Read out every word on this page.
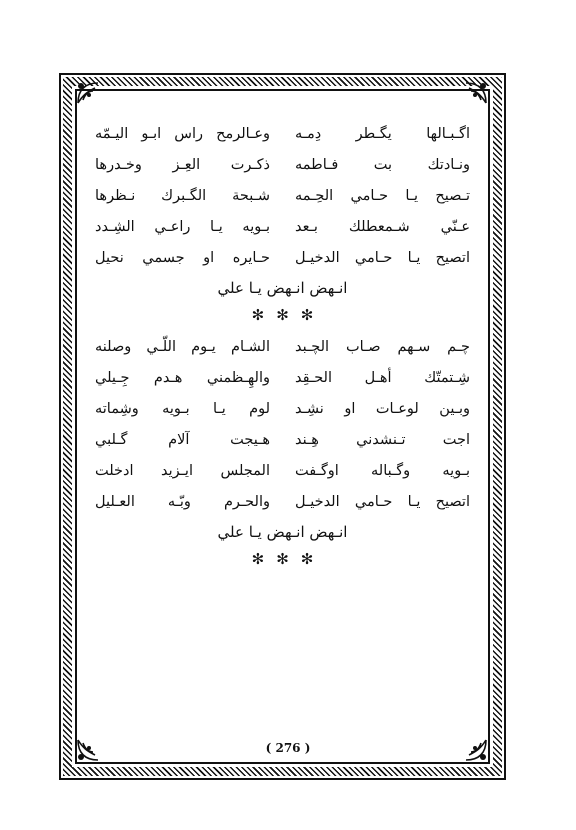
وعـالرمح راس ابـو اليـمّه اگـبـالها يگـطر دِمـه
ذكـرت العِـز وخـدرها ونـادتك بت فـاطمه
شـبحة الگـبرك نـظرها تـصيح يـا حـامي الحِـمه
بـويه يـا راعـي الشِـدد عـنّي شـمعطلك بـعد
حـايره او جسمي نحيل اتصيح يـا حـامي الدخيـل
انـهض انـهض يـا علي
✻✻✻
الشـام يـوم اللّـي وصلنه چـم سـهم صـاب الچـبد
والهِـظمني هـدم جِـيلي شِـتمتّك أهـل الحـقِد
لوم يـا بـويه وشِماته وبـين لوعـات او نشِـد
هـيجت آلام گـلبي اجت تـنشدني هِـند
المجلس ايـزيد ادخلت بـويه وگـباله اوگـفت
والحـرم وبّـه العـليل اتصيح يـا حـامي الدخيـل
انـهض انـهض يـا علي
✻✻✻
( 276 )
